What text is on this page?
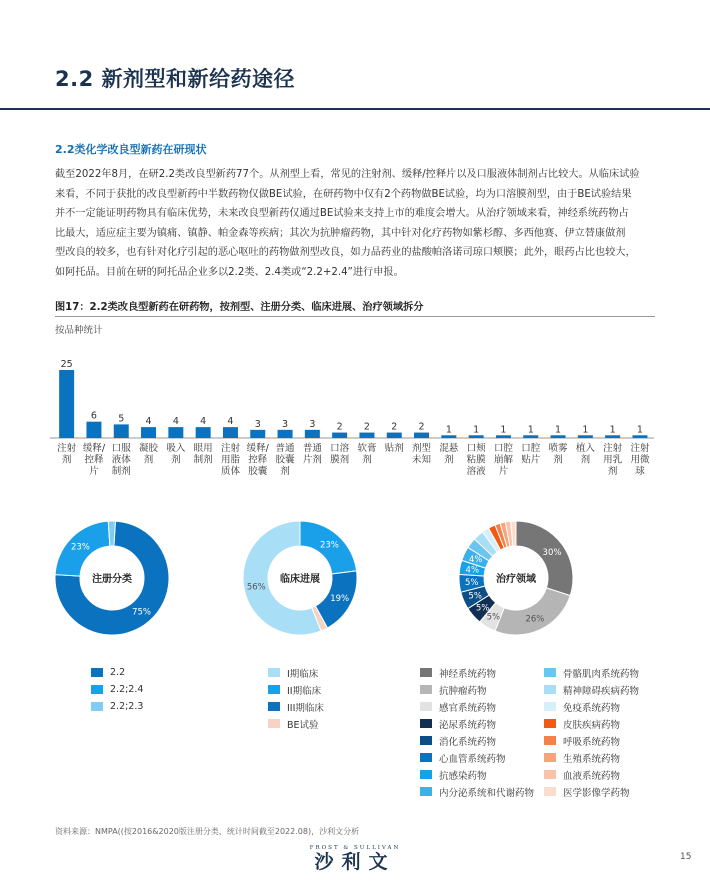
2.2 新剂型和新给药途径
2.2类化学改良型新药在研现状
截至2022年8月，在研2.2类改良型新药77个。从剂型上看，常见的注射剂、缓释/控释片以及口服液体制剂占比较大。从临床试验
来看，不同于获批的改良型新药中半数药物仅做BE试验，在研药物中仅有2个药物做BE试验，均为口溶膜剂型，由于BE试验结果
并不一定能证明药物具有临床优势，未来改良型新药仅通过BE试验来支持上市的难度会增大。从治疗领域来看，神经系统药物占
比最大，适应症主要为镇痛、镇静、帕金森等疾病；其次为抗肿瘤药物，其中针对化疗药物如紫杉醇、多西他赛、伊立替康做剂
型改良的较多，也有针对化疗引起的恶心呕吐的药物做剂型改良，如力品药业的盐酸帕洛诺司琼口颊膜；此外，眼药占比也较大，
如阿托品。目前在研的阿托品企业多以2.2类、2.4类或“2.2+2.4”进行申报。
图17：2.2类改良型新药在研药物，按剂型、注册分类、临床进展、治疗领域拆分
按品种统计
25
注射
剂
6
缓释/
控释
片
5
口服
液体
制剂
4
凝胶
剂
4
吸入
剂
4
眼用
制剂
4
注射
用脂
质体
3
缓释/
控释
胶囊
3
普通
胶囊
剂
3
普通
片剂
2
口溶
膜剂
2
软膏
剂
2
贴剂
2
剂型
未知
1
混悬
剂
1
口颊
粘膜
溶液
1
口腔
崩解
片
1
口腔
贴片
1
喷雾
剂
1
植入
剂
1
注射
用乳
剂
1
注射
用微
球
75%
23%
注册分类
23%
19%
56%
临床进展
30%
26%
5%
5%
5%
5%
4%
4%
治疗领域
2.2
2.2;2.4
2.2;2.3
I期临床
II期临床
III期临床
BE试验
神经系统药物
抗肿瘤药物
感官系统药物
泌尿系统药物
消化系统药物
心血管系统药物
抗感染药物
内分泌系统和代谢药物
骨骼肌肉系统药物
精神障碍疾病药物
免疫系统药物
皮肤疾病药物
呼吸系统药物
生殖系统药物
血液系统药物
医学影像学药物
资料来源：NMPA((按2016&2020版注册分类，统计时间截至2022.08)，沙利文分析
FROST & SULLIVAN
沙利文	15
